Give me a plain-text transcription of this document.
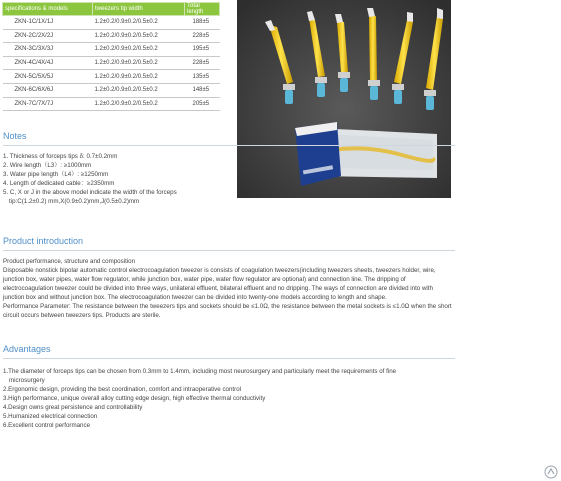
specifications & models	tweezers tip width	Total length
ZKN-1C/1X/1J	1.2±0.2/0.9±0.2/0.5±0.2	188±5
ZKN-2C/2X/2J	1.2±0.2/0.9±0.2/0.5±0.2	228±5
ZKN-3C/3X/3J	1.2±0.2/0.9±0.2/0.5±0.2	195±5
ZKN-4C/4X/4J	1.2±0.2/0.9±0.2/0.5±0.2	228±5
ZKN-5C/5X/5J	1.2±0.2/0.9±0.2/0.5±0.2	135±5
ZKN-6C/6X/6J	1.2±0.2/0.9±0.2/0.5±0.2	148±5
ZKN-7C/7X/7J	1.2±0.2/0.9±0.2/0.5±0.2	205±5
Notes

1. Thickness of forceps tips δ: 0.7±0.2mm

2. Wire length（L3）: ≥1000mm

3. Water pipe length（L4）: ≥1250mm

4. Length of dedicated cable：≥2350mm

5. C, X or J in the above model indicate the width of the forceps

tip:C(1.2±0.2) mm,X(0.9±0.2)mm,J(0.5±0.2)mm

Product introduction

Product performance, structure and composition

Disposable nonstick bipolar automatic control electrocoagulation tweezer is consists of coagulation tweezers(including tweezers sheets, tweezers holder, wire, junction box, water pipes, water flow regulator, while junction box, water pipe, water flow regulator are optional) and connection line. The dripping of electrocoagulation tweezer could be divided into three ways, unilateral effluent, bilateral effluent and no dripping. The ways of connection are divided into with junction box and without junction box. The electrocoagulation tweezer can be divided into twenty-one models according to length and shape.

Performance Parameter: The resistance between the tweezers tips and sockets should be ≤1.0Ω, the resistance between the metal sockets is ≤1.0Ω when the short circuit occurs between tweezers tips. Products are sterile.

Advantages

1.The diameter of forceps tips can be chosen from 0.3mm to 1.4mm, including most neurosurgery and particularly meet the requirements of fine

microsurgery

2.Ergonomic design, providing the best coordination, comfort and intraoperative control

3.High performance, unique overall alloy cutting edge design, high effective thermal conductivity

4.Design owns great persistence and controllability

5.Humanized electrical connection

6.Excellent control performance
